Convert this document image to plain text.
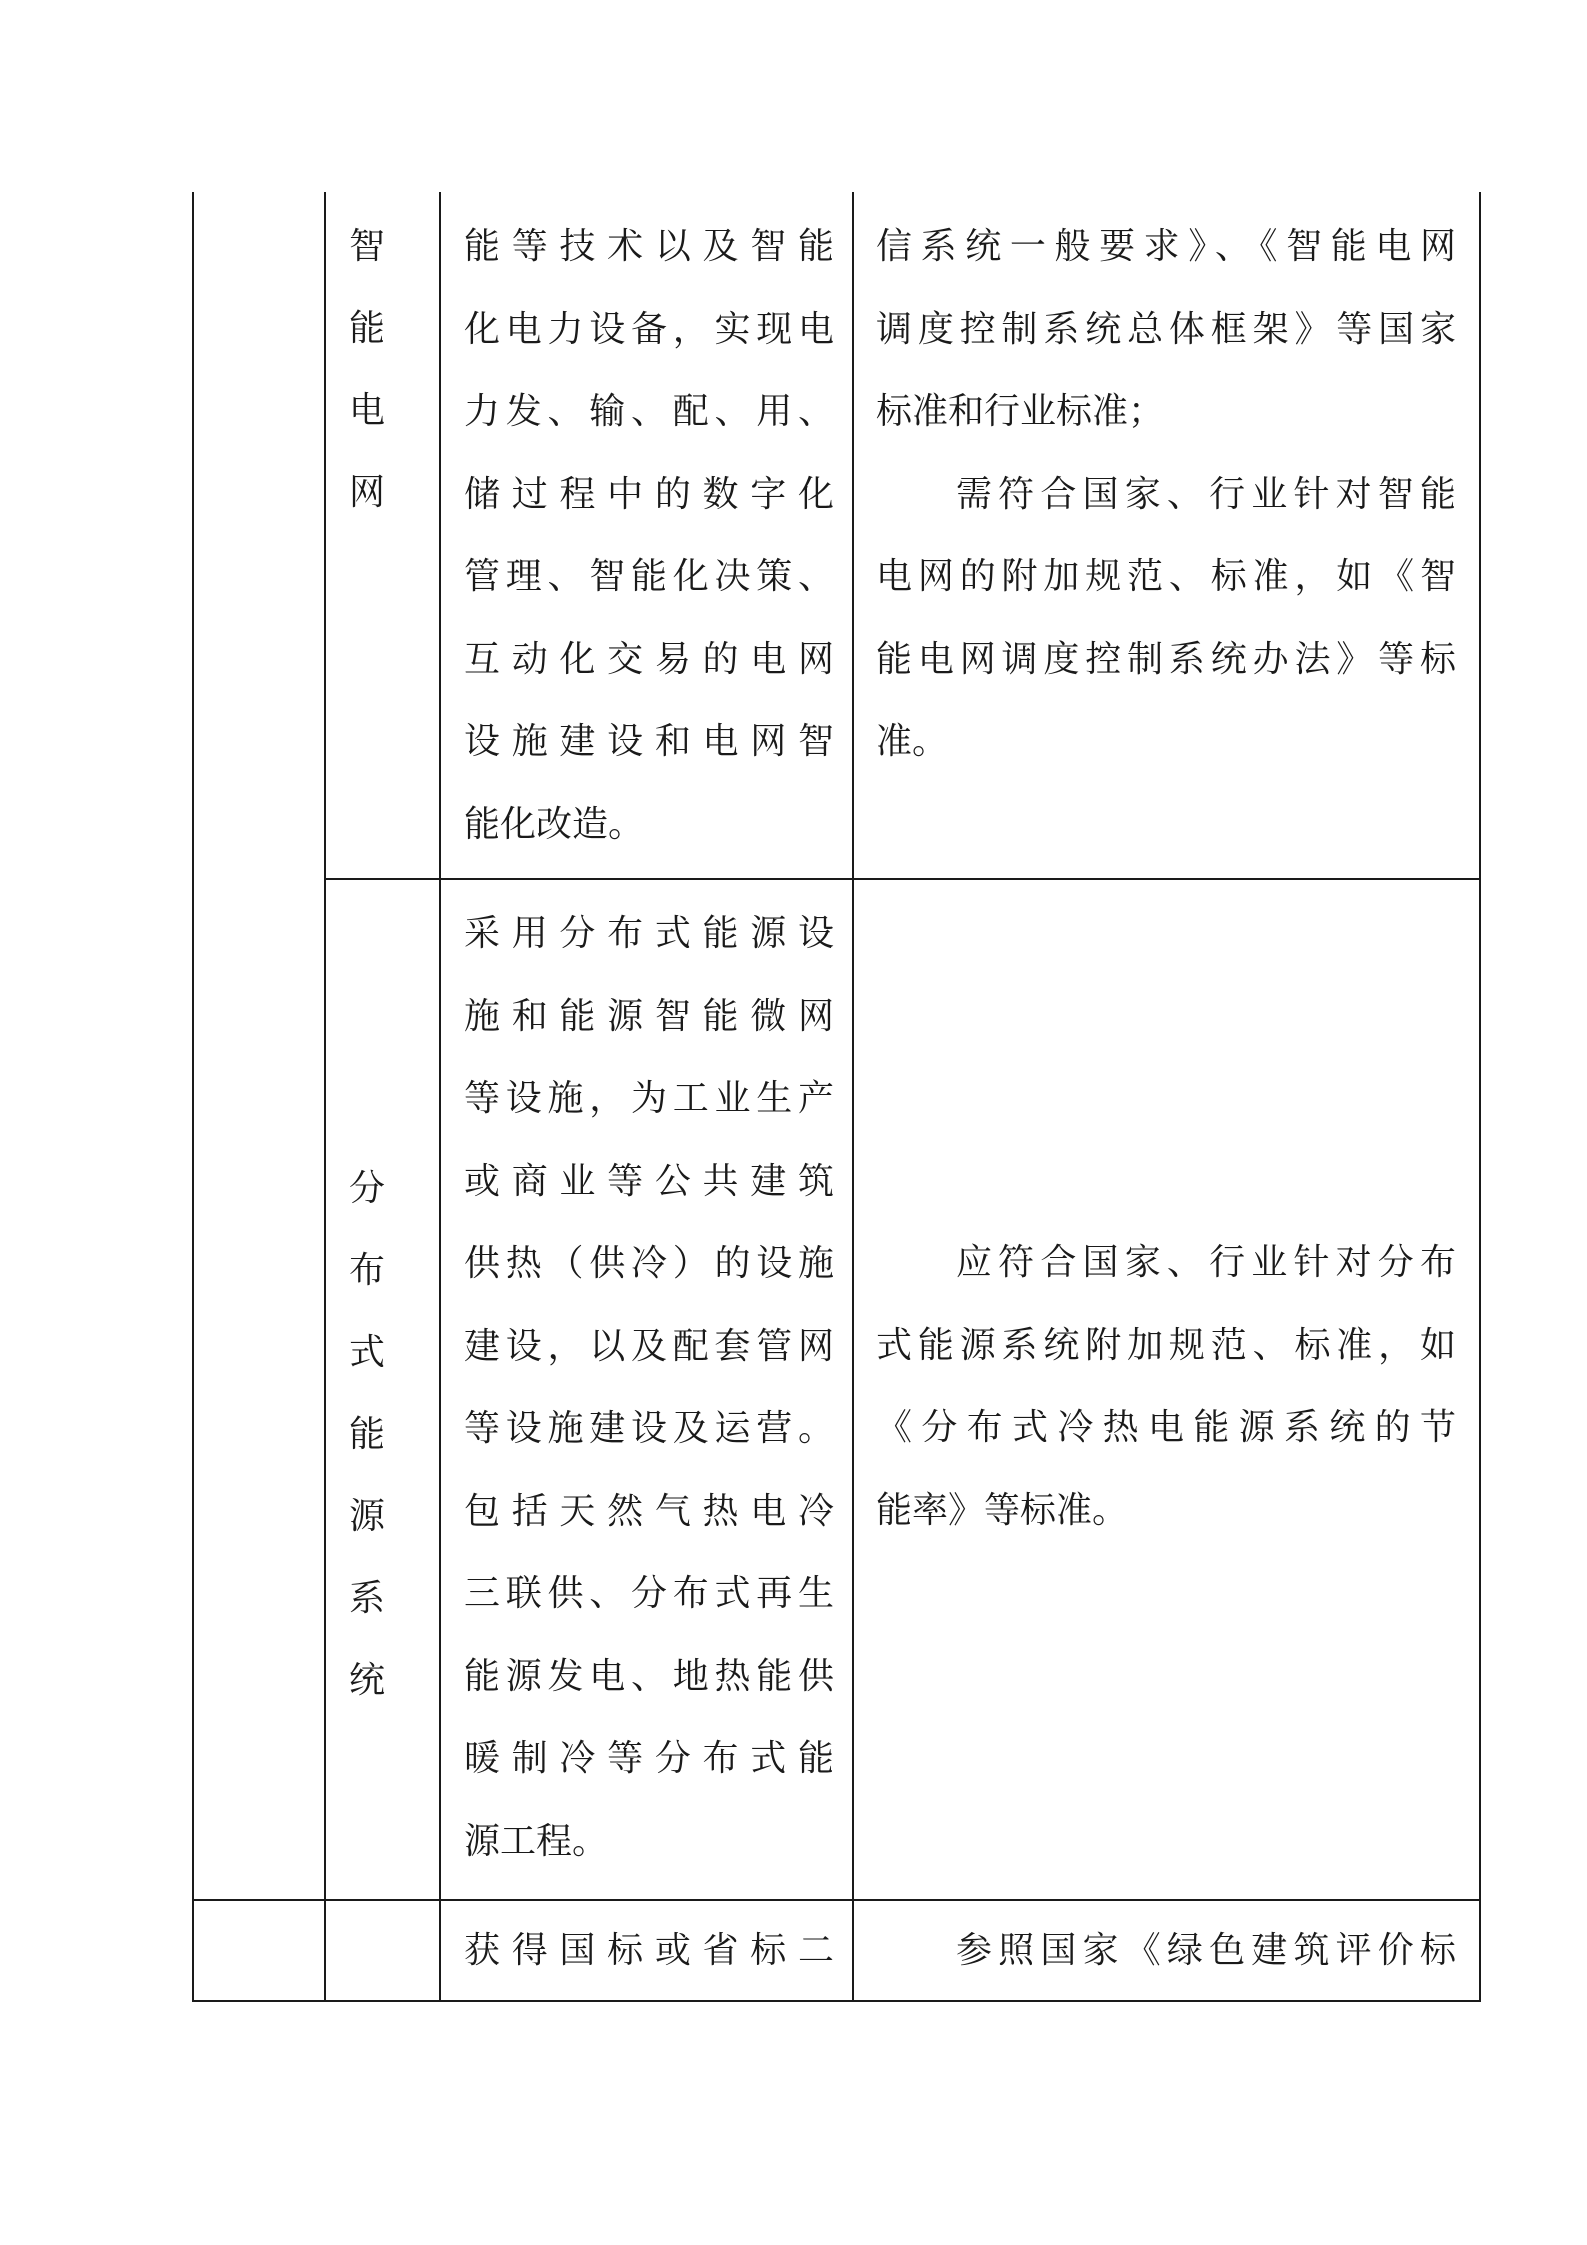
智
能
电
网
能等技术以及智能
化电力设备，实现电
力发、输、配、用、
储过程中的数字化
管理、智能化决策、
互动化交易的电网
设施建设和电网智
能化改造。
信系统一般要求》、《智能电网
调度控制系统总体框架》等国家
标准和行业标准；
需符合国家、行业针对智能
电网的附加规范、标准，如《智
能电网调度控制系统办法》等标
准。
分
布
式
能
源
系
统
采用分布式能源设
施和能源智能微网
等设施，为工业生产
或商业等公共建筑
供热（供冷）的设施
建设，以及配套管网
等设施建设及运营。
包括天然气热电冷
三联供、分布式再生
能源发电、地热能供
暖制冷等分布式能
源工程。
应符合国家、行业针对分布
式能源系统附加规范、标准，如
《分布式冷热电能源系统的节
能率》等标准。
获得国标或省标二	参照国家《绿色建筑评价标
